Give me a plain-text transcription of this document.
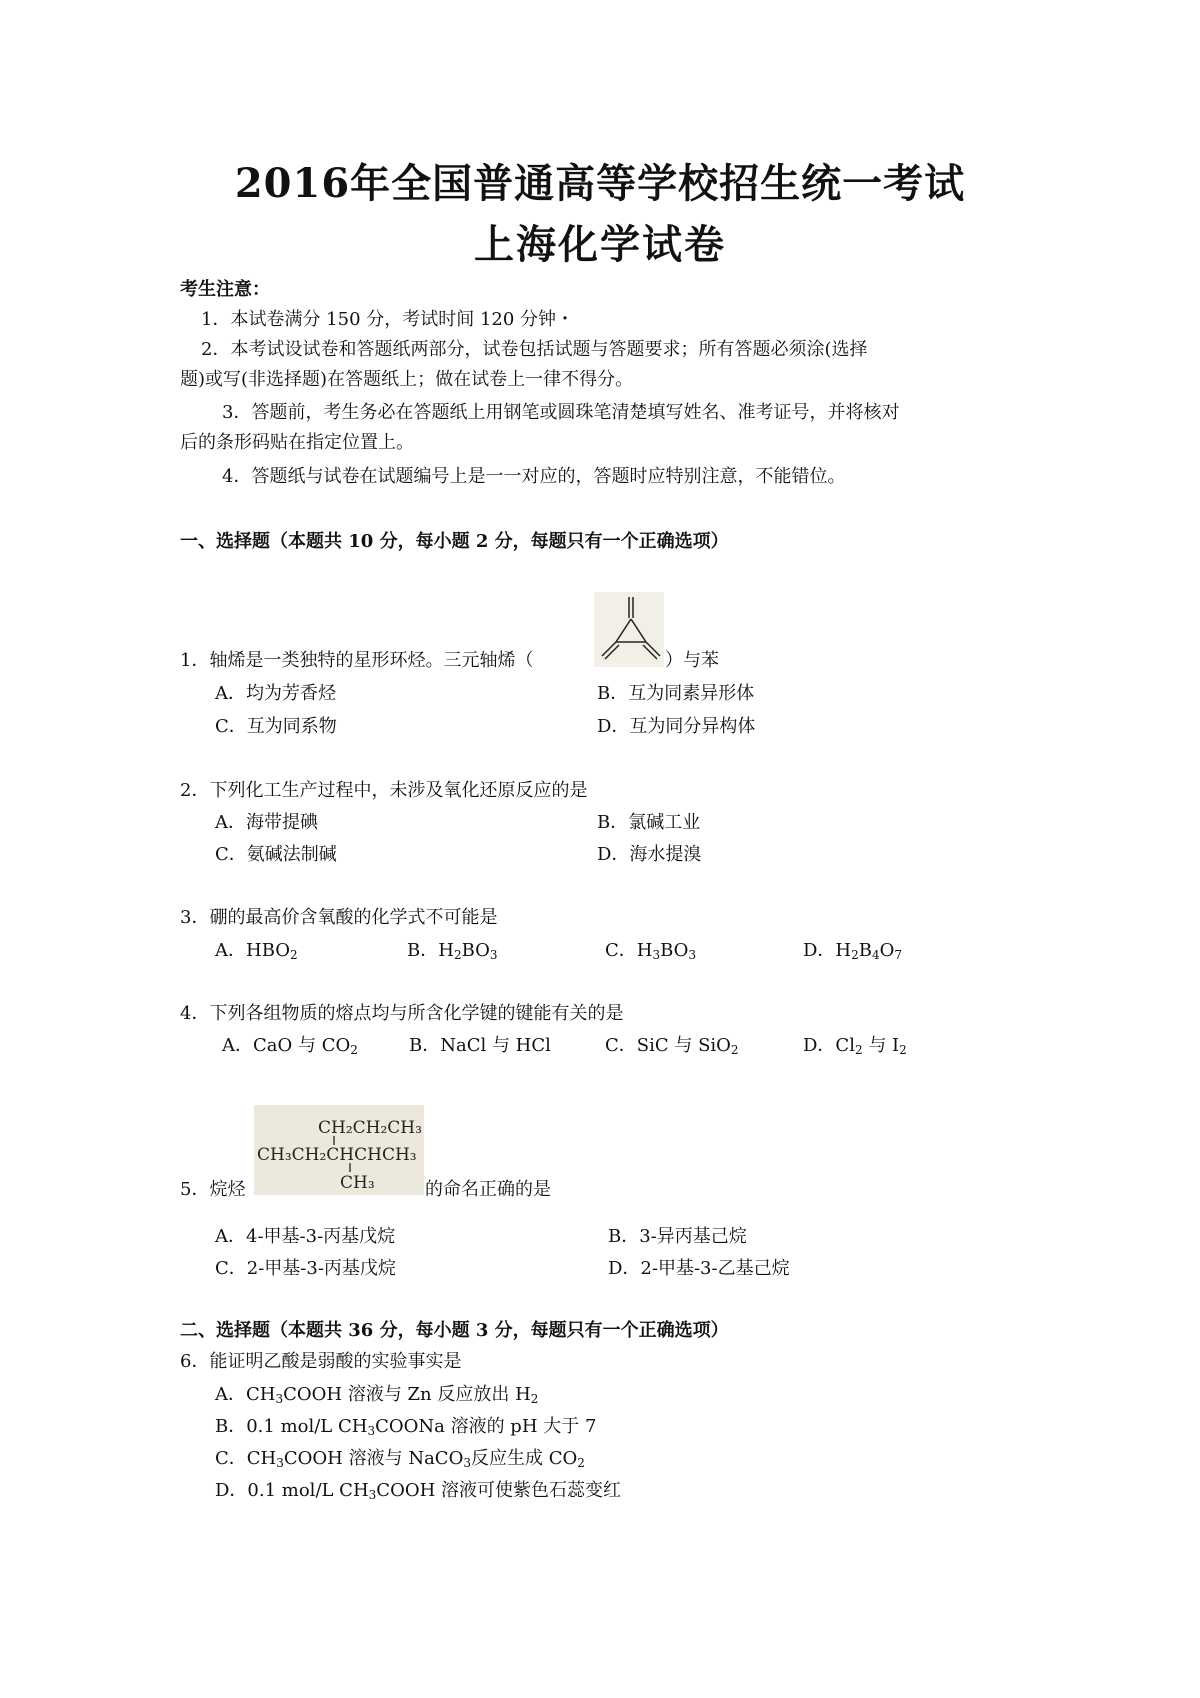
2016年全国普通高等学校招生统一考试
上海化学试卷
考生注意：
1．本试卷满分 150 分，考试时间 120 分钟・
2．本考试设试卷和答题纸两部分，试卷包括试题与答题要求；所有答题必须涂(选择
题)或写(非选择题)在答题纸上；做在试卷上一律不得分。
3．答题前，考生务必在答题纸上用钢笔或圆珠笔清楚填写姓名、准考证号，并将核对
后的条形码贴在指定位置上。
4．答题纸与试卷在试题编号上是一一对应的，答题时应特别注意，不能错位。
一、选择题（本题共 10 分，每小题 2 分，每题只有一个正确选项）
1．轴烯是一类独特的星形环烃。三元轴烯（	）与苯
A．均为芳香烃	B．互为同素异形体
C．互为同系物	D．互为同分异构体
2．下列化工生产过程中，未涉及氧化还原反应的是
A．海带提碘	B．氯碱工业
C．氨碱法制碱	D．海水提溴
3．硼的最高价含氧酸的化学式不可能是
A．$HBO_2$	B．$H_2BO_3$	C．$H_3BO_3$	D．$H_2B_4O_7$
4．下列各组物质的熔点均与所含化学键的键能有关的是
A．CaO 与 $CO_2$	B．NaCl 与 HCl	C．SiC 与 SiO$_2$	D．$Cl_2$ 与 $I_2$
CH₂CH₂CH₃
CH₃CH₂CHCHCH₃
CH₃
5．烷烃	的命名正确的是
A．4-甲基-3-丙基戊烷	B．3-异丙基己烷
C．2-甲基-3-丙基戊烷	D．2-甲基-3-乙基己烷
二、选择题（本题共 36 分，每小题 3 分，每题只有一个正确选项）
6．能证明乙酸是弱酸的实验事实是
A．$CH_3COOH$ 溶液与 Zn 反应放出 $H_2$
B．0.1 mol/L $CH_3COONa$ 溶液的 pH 大于 7
C．$CH_3COOH$ 溶液与 NaCO$_3$反应生成 $CO_2$
D．0.1 mol/L $CH_3COOH$ 溶液可使紫色石蕊变红
